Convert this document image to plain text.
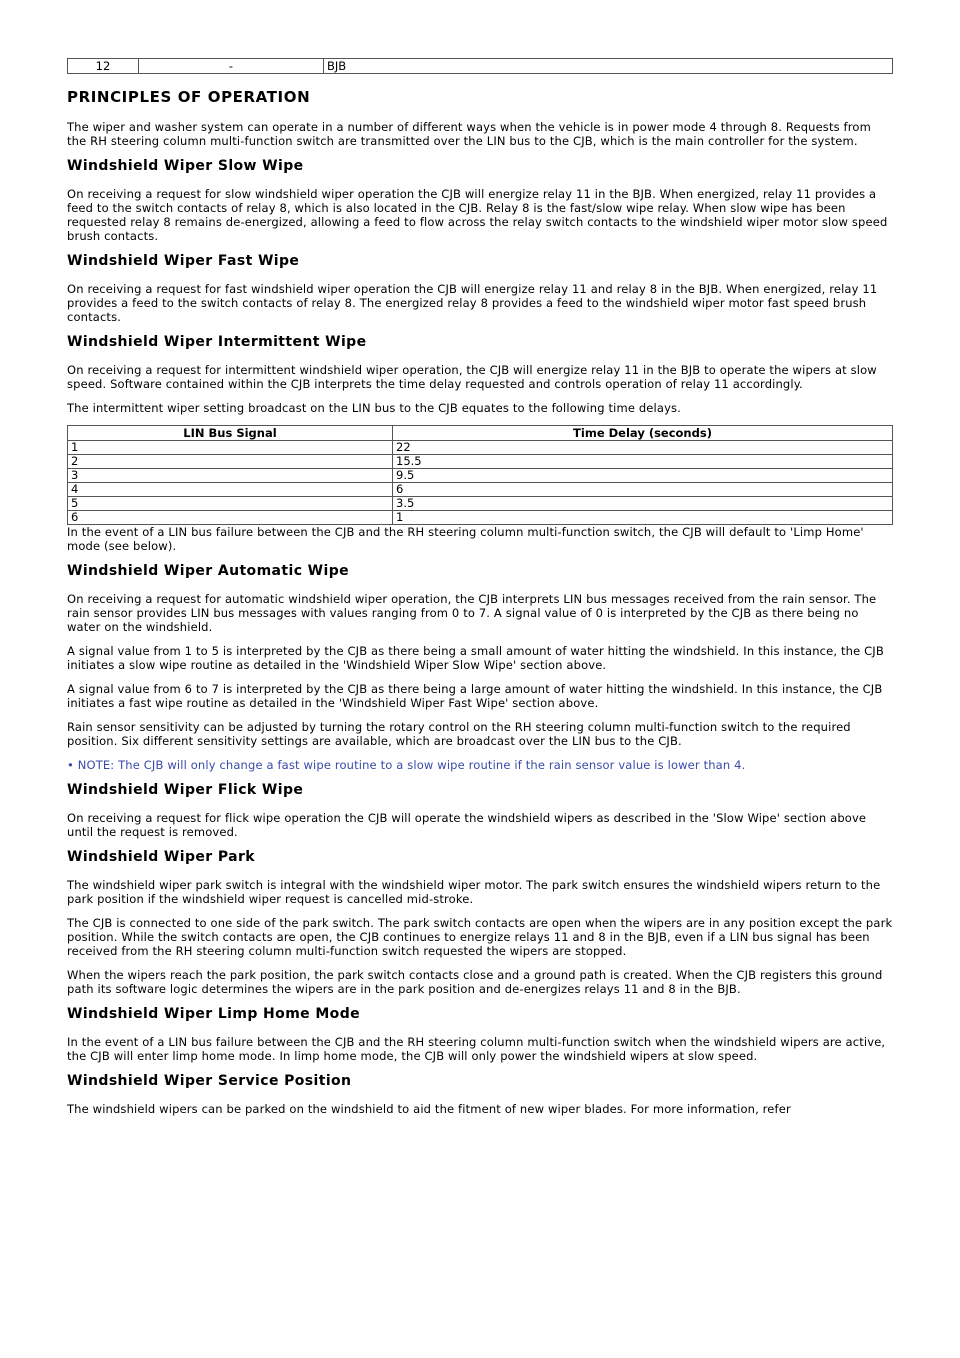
12	-	BJB
PRINCIPLES OF OPERATION

The wiper and washer system can operate in a number of different ways when the vehicle is in power mode 4 through 8. Requests from the RH steering column multi-function switch are transmitted over the LIN bus to the CJB, which is the main controller for the system.

Windshield Wiper Slow Wipe

On receiving a request for slow windshield wiper operation the CJB will energize relay 11 in the BJB. When energized, relay 11 provides a feed to the switch contacts of relay 8, which is also located in the CJB. Relay 8 is the fast/slow wipe relay. When slow wipe has been requested relay 8 remains de-energized, allowing a feed to flow across the relay switch contacts to the windshield wiper motor slow speed brush contacts.

Windshield Wiper Fast Wipe

On receiving a request for fast windshield wiper operation the CJB will energize relay 11 and relay 8 in the BJB. When energized, relay 11 provides a feed to the switch contacts of relay 8. The energized relay 8 provides a feed to the windshield wiper motor fast speed brush contacts.

Windshield Wiper Intermittent Wipe

On receiving a request for intermittent windshield wiper operation, the CJB will energize relay 11 in the BJB to operate the wipers at slow speed. Software contained within the CJB interprets the time delay requested and controls operation of relay 11 accordingly.

The intermittent wiper setting broadcast on the LIN bus to the CJB equates to the following time delays.

LIN Bus Signal	Time Delay (seconds)
1	22
2	15.5
3	9.5
4	6
5	3.5
6	1

In the event of a LIN bus failure between the CJB and the RH steering column multi-function switch, the CJB will default to 'Limp Home' mode (see below).

Windshield Wiper Automatic Wipe

On receiving a request for automatic windshield wiper operation, the CJB interprets LIN bus messages received from the rain sensor. The rain sensor provides LIN bus messages with values ranging from 0 to 7. A signal value of 0 is interpreted by the CJB as there being no water on the windshield.

A signal value from 1 to 5 is interpreted by the CJB as there being a small amount of water hitting the windshield. In this instance, the CJB initiates a slow wipe routine as detailed in the 'Windshield Wiper Slow Wipe' section above.

A signal value from 6 to 7 is interpreted by the CJB as there being a large amount of water hitting the windshield. In this instance, the CJB initiates a fast wipe routine as detailed in the 'Windshield Wiper Fast Wipe' section above.

Rain sensor sensitivity can be adjusted by turning the rotary control on the RH steering column multi-function switch to the required position. Six different sensitivity settings are available, which are broadcast over the LIN bus to the CJB.

• NOTE: The CJB will only change a fast wipe routine to a slow wipe routine if the rain sensor value is lower than 4.

Windshield Wiper Flick Wipe

On receiving a request for flick wipe operation the CJB will operate the windshield wipers as described in the 'Slow Wipe' section above until the request is removed.

Windshield Wiper Park

The windshield wiper park switch is integral with the windshield wiper motor. The park switch ensures the windshield wipers return to the park position if the windshield wiper request is cancelled mid-stroke.

The CJB is connected to one side of the park switch. The park switch contacts are open when the wipers are in any position except the park position. While the switch contacts are open, the CJB continues to energize relays 11 and 8 in the BJB, even if a LIN bus signal has been received from the RH steering column multi-function switch requested the wipers are stopped.

When the wipers reach the park position, the park switch contacts close and a ground path is created. When the CJB registers this ground path its software logic determines the wipers are in the park position and de-energizes relays 11 and 8 in the BJB.

Windshield Wiper Limp Home Mode

In the event of a LIN bus failure between the CJB and the RH steering column multi-function switch when the windshield wipers are active, the CJB will enter limp home mode. In limp home mode, the CJB will only power the windshield wipers at slow speed.

Windshield Wiper Service Position

The windshield wipers can be parked on the windshield to aid the fitment of new wiper blades. For more information, refer
